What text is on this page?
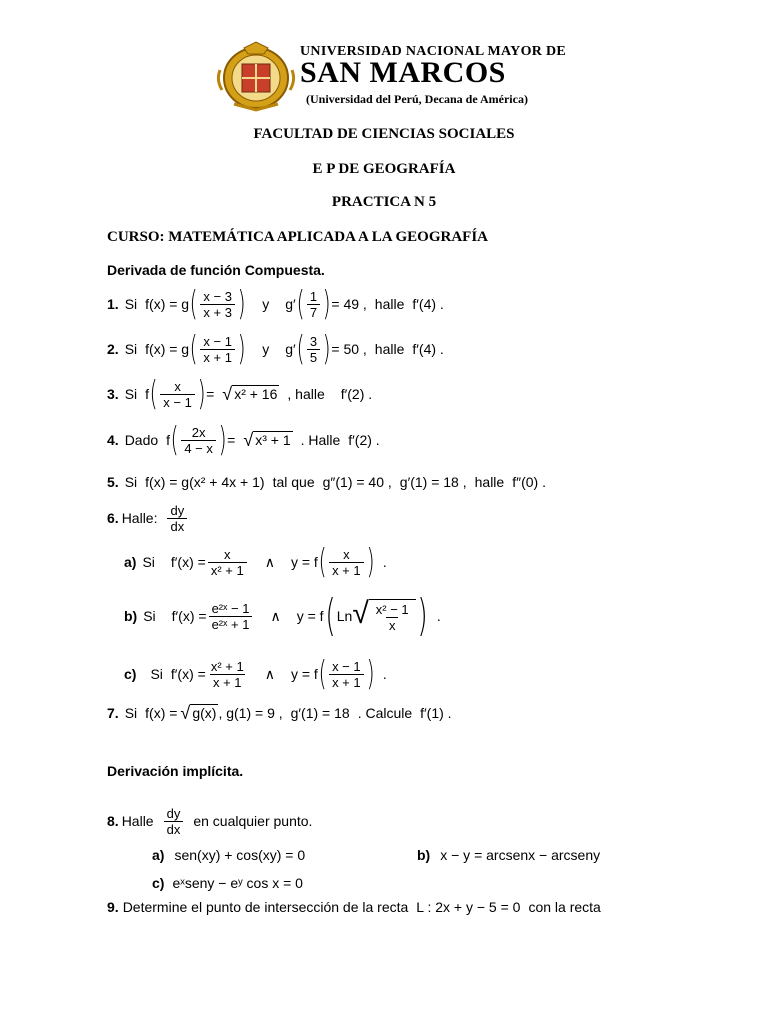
UNIVERSIDAD NACIONAL MAYOR DE
SAN MARCOS
(Universidad del Perú, Decana de América)
FACULTAD DE CIENCIAS SOCIALES
E P DE GEOGRAFÍA
PRACTICA N 5
CURSO: MATEMÁTICA APLICADA A LA GEOGRAFÍA
Derivada de función Compuesta.
1. Si f(x) = g ( $\frac{x - 3}{x + 3}$ ) y g′ ( $\frac{1}{7}$ ) = 49 , halle f′(4) .
2. Si f(x) = g ( $\frac{x - 1}{x + 1}$ ) y g′ ( $\frac{3}{5}$ ) = 50 , halle f′(4) .
3. Si f ( $\frac{x}{x - 1}$ ) = √ x² + 16 , halle f′(2) .
4. Dado f ( $\frac{2x}{4 - x}$ ) = √ x³ + 1 . Halle f′(2) .
5. Si f(x) = g(x² + 4x + 1) tal que g″(1) = 40 , g′(1) = 18 , halle f″(0) .
6. Halle: $\frac{dy}{dx}$
a) Si $f'(x) = \frac{x}{\text{x² + 1}}$ ∧ y = f ( $\frac{x}{x + 1}$ ) .
b) Si $f'(x) = \frac{\text{e²ˣ − 1}}{\text{e²ˣ + 1}}$ ∧ y = f ( Ln √ $\frac{\text{x² − 1}}{x}$ ) .
c) Si $f'(x) = \frac{\text{x² + 1}}{x + 1}$ ∧ y = f ( $\frac{x - 1}{x + 1}$ ) .
7. Si f(x) = √ g(x) , g(1) = 9 , g′(1) = 18 . Calcule f′(1) .
Derivación implícita.
8. Halle $\frac{dy}{dx}$ en cualquier punto.
a) sen(xy) + cos(xy) = 0	b) x − y = arcsenx − arcseny
c) eˣseny − eʸ cos x = 0
9. Determine el punto de intersección de la recta L : 2x + y − 5 = 0 con la recta
